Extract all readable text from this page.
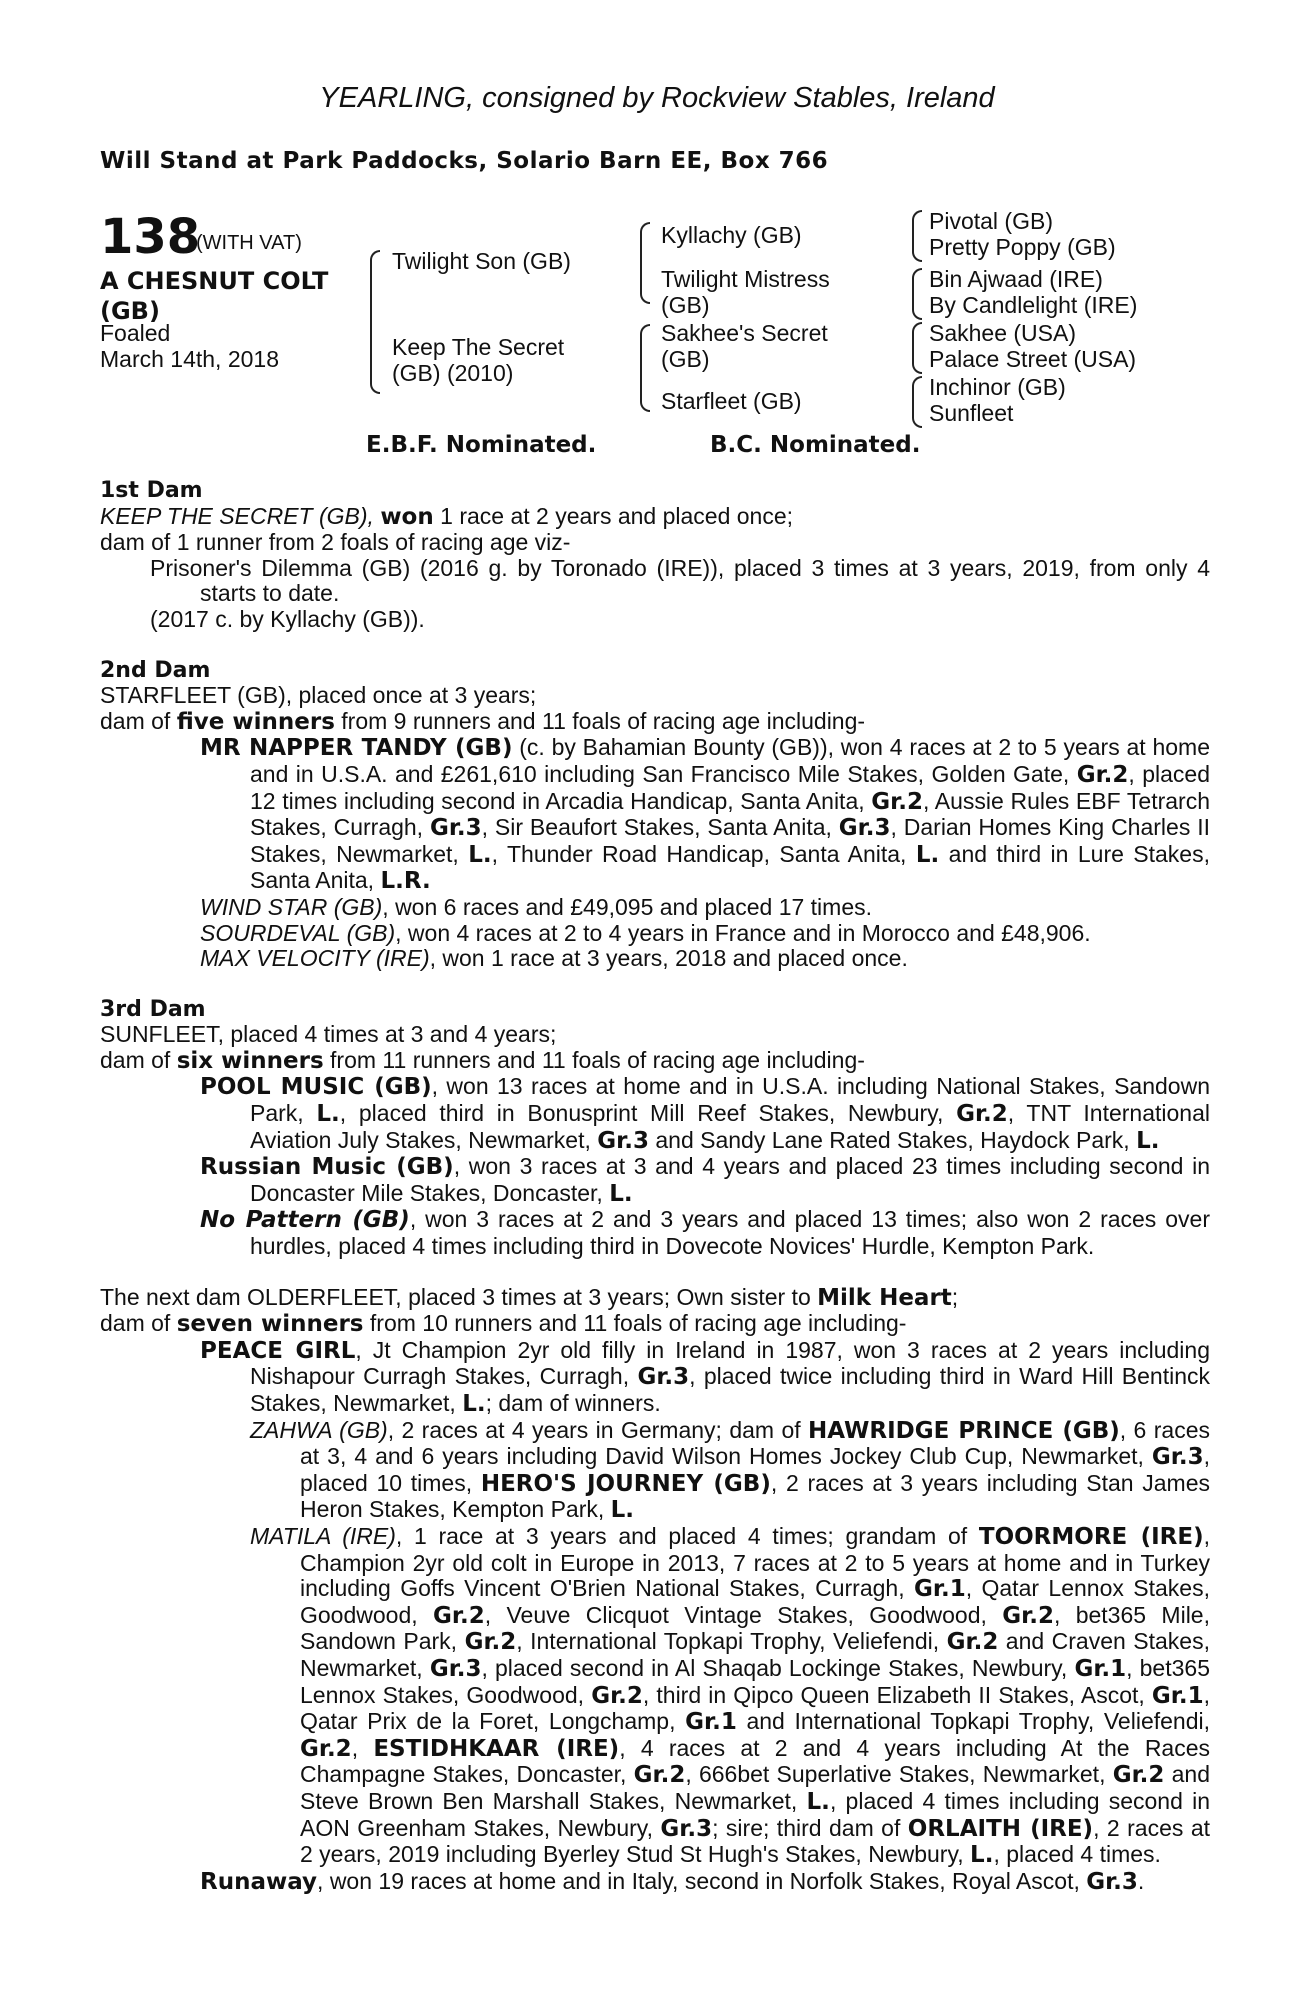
YEARLING, consigned by Rockview Stables, Ireland
Will Stand at Park Paddocks, Solario Barn EE, Box 766
138
(WITH VAT)
A CHESNUT COLT (GB)
Foaled
March 14th, 2018
Twilight Son (GB)
Keep The Secret (GB) (2010)
Kyllachy (GB)
Twilight Mistress (GB)
Sakhee's Secret (GB)
Starfleet (GB)
Pivotal (GB)
Pretty Poppy (GB)
Bin Ajwaad (IRE)
By Candlelight (IRE)
Sakhee (USA)
Palace Street (USA)
Inchinor (GB)
Sunfleet
E.B.F. Nominated.	B.C. Nominated.

1st Dam

KEEP THE SECRET (GB), won 1 race at 2 years and placed once;

dam of 1 runner from 2 foals of racing age viz-

Prisoner's Dilemma (GB) (2016 g. by Toronado (IRE)), placed 3 times at 3 years, 2019, from only 4 starts to date.

(2017 c. by Kyllachy (GB)).

2nd Dam

STARFLEET (GB), placed once at 3 years;

dam of five winners from 9 runners and 11 foals of racing age including-

MR NAPPER TANDY (GB) (c. by Bahamian Bounty (GB)), won 4 races at 2 to 5 years at home and in U.S.A. and £261,610 including San Francisco Mile Stakes, Golden Gate, Gr.2, placed 12 times including second in Arcadia Handicap, Santa Anita, Gr.2, Aussie Rules EBF Tetrarch Stakes, Curragh, Gr.3, Sir Beaufort Stakes, Santa Anita, Gr.3, Darian Homes King Charles II Stakes, Newmarket, L., Thunder Road Handicap, Santa Anita, L. and third in Lure Stakes, Santa Anita, L.R.

WIND STAR (GB), won 6 races and £49,095 and placed 17 times.

SOURDEVAL (GB), won 4 races at 2 to 4 years in France and in Morocco and £48,906.

MAX VELOCITY (IRE), won 1 race at 3 years, 2018 and placed once.

3rd Dam

SUNFLEET, placed 4 times at 3 and 4 years;

dam of six winners from 11 runners and 11 foals of racing age including-

POOL MUSIC (GB), won 13 races at home and in U.S.A. including National Stakes, Sandown Park, L., placed third in Bonusprint Mill Reef Stakes, Newbury, Gr.2, TNT International Aviation July Stakes, Newmarket, Gr.3 and Sandy Lane Rated Stakes, Haydock Park, L.

Russian Music (GB), won 3 races at 3 and 4 years and placed 23 times including second in Doncaster Mile Stakes, Doncaster, L.

No Pattern (GB), won 3 races at 2 and 3 years and placed 13 times; also won 2 races over hurdles, placed 4 times including third in Dovecote Novices' Hurdle, Kempton Park.

The next dam OLDERFLEET, placed 3 times at 3 years; Own sister to Milk Heart;

dam of seven winners from 10 runners and 11 foals of racing age including-

PEACE GIRL, Jt Champion 2yr old filly in Ireland in 1987, won 3 races at 2 years including Nishapour Curragh Stakes, Curragh, Gr.3, placed twice including third in Ward Hill Bentinck Stakes, Newmarket, L.; dam of winners.

ZAHWA (GB), 2 races at 4 years in Germany; dam of HAWRIDGE PRINCE (GB), 6 races at 3, 4 and 6 years including David Wilson Homes Jockey Club Cup, Newmarket, Gr.3, placed 10 times, HERO'S JOURNEY (GB), 2 races at 3 years including Stan James Heron Stakes, Kempton Park, L.

MATILA (IRE), 1 race at 3 years and placed 4 times; grandam of TOORMORE (IRE), Champion 2yr old colt in Europe in 2013, 7 races at 2 to 5 years at home and in Turkey including Goffs Vincent O'Brien National Stakes, Curragh, Gr.1, Qatar Lennox Stakes, Goodwood, Gr.2, Veuve Clicquot Vintage Stakes, Goodwood, Gr.2, bet365 Mile, Sandown Park, Gr.2, International Topkapi Trophy, Veliefendi, Gr.2 and Craven Stakes, Newmarket, Gr.3, placed second in Al Shaqab Lockinge Stakes, Newbury, Gr.1, bet365 Lennox Stakes, Goodwood, Gr.2, third in Qipco Queen Elizabeth II Stakes, Ascot, Gr.1, Qatar Prix de la Foret, Longchamp, Gr.1 and International Topkapi Trophy, Veliefendi, Gr.2, ESTIDHKAAR (IRE), 4 races at 2 and 4 years including At the Races Champagne Stakes, Doncaster, Gr.2, 666bet Superlative Stakes, Newmarket, Gr.2 and Steve Brown Ben Marshall Stakes, Newmarket, L., placed 4 times including second in AON Greenham Stakes, Newbury, Gr.3; sire; third dam of ORLAITH (IRE), 2 races at 2 years, 2019 including Byerley Stud St Hugh's Stakes, Newbury, L., placed 4 times.

Runaway, won 19 races at home and in Italy, second in Norfolk Stakes, Royal Ascot, Gr.3.
